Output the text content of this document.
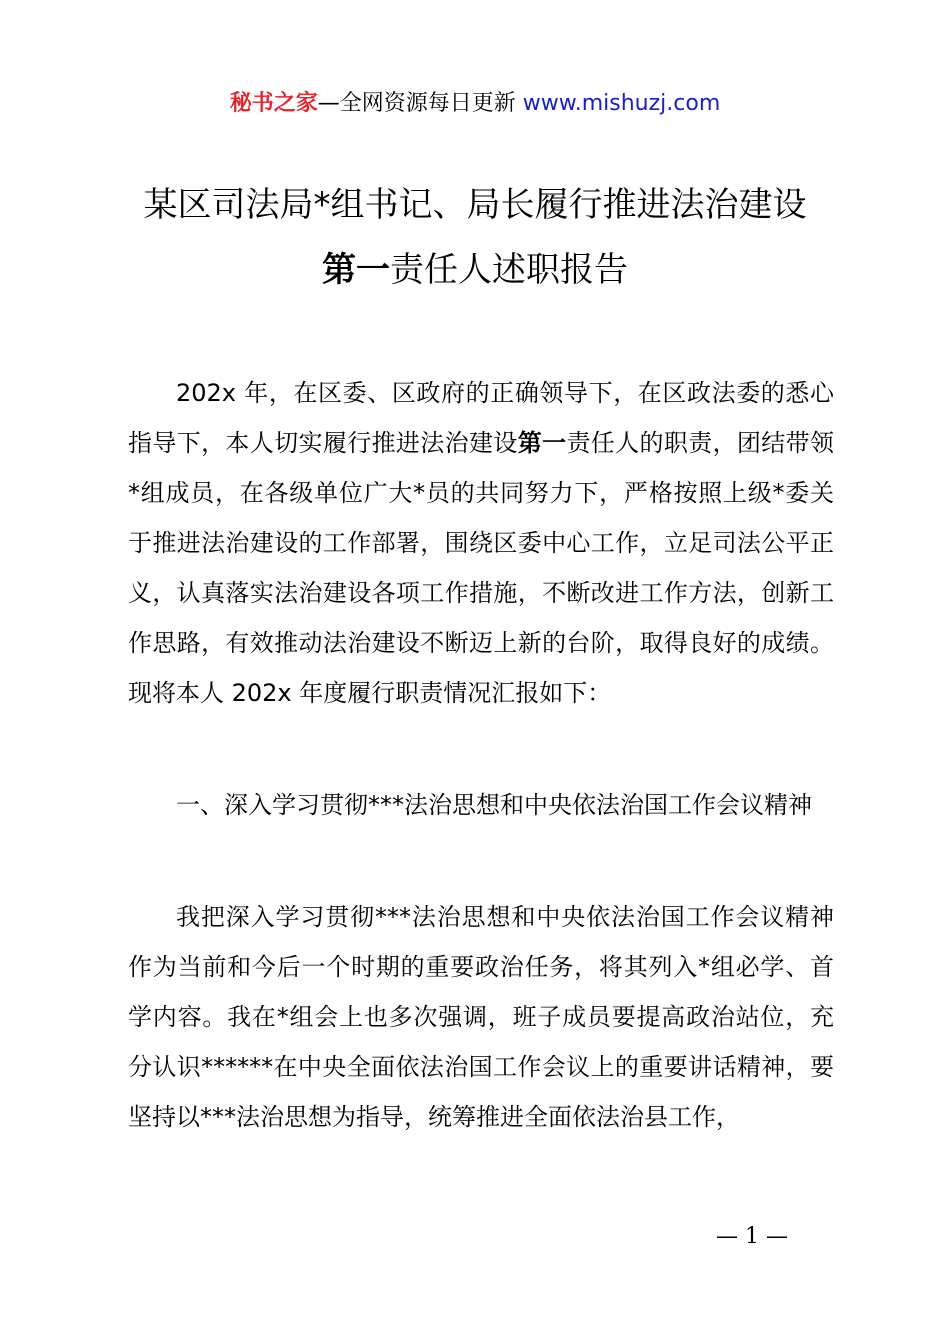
秘书之家—全网资源每日更新 www.mishuzj.com
某区司法局*组书记、局长履行推进法治建设
第一责任人述职报告

202x 年，在区委、区政府的正确领导下，在区政法委的悉心指导下，本人切实履行推进法治建设第一责任人的职责，团结带领*组成员，在各级单位广大*员的共同努力下，严格按照上级*委关于推进法治建设的工作部署，围绕区委中心工作，立足司法公平正义，认真落实法治建设各项工作措施，不断改进工作方法，创新工作思路，有效推动法治建设不断迈上新的台阶，取得良好的成绩。现将本人 202x 年度履行职责情况汇报如下：

一、深入学习贯彻***法治思想和中央依法治国工作会议精神

我把深入学习贯彻***法治思想和中央依法治国工作会议精神作为当前和今后一个时期的重要政治任务，将其列入*组必学、首学内容。我在*组会上也多次强调，班子成员要提高政治站位，充分认识******在中央全面依法治国工作会议上的重要讲话精神，要坚持以***法治思想为指导，统筹推进全面依法治县工作，

— 1 —
